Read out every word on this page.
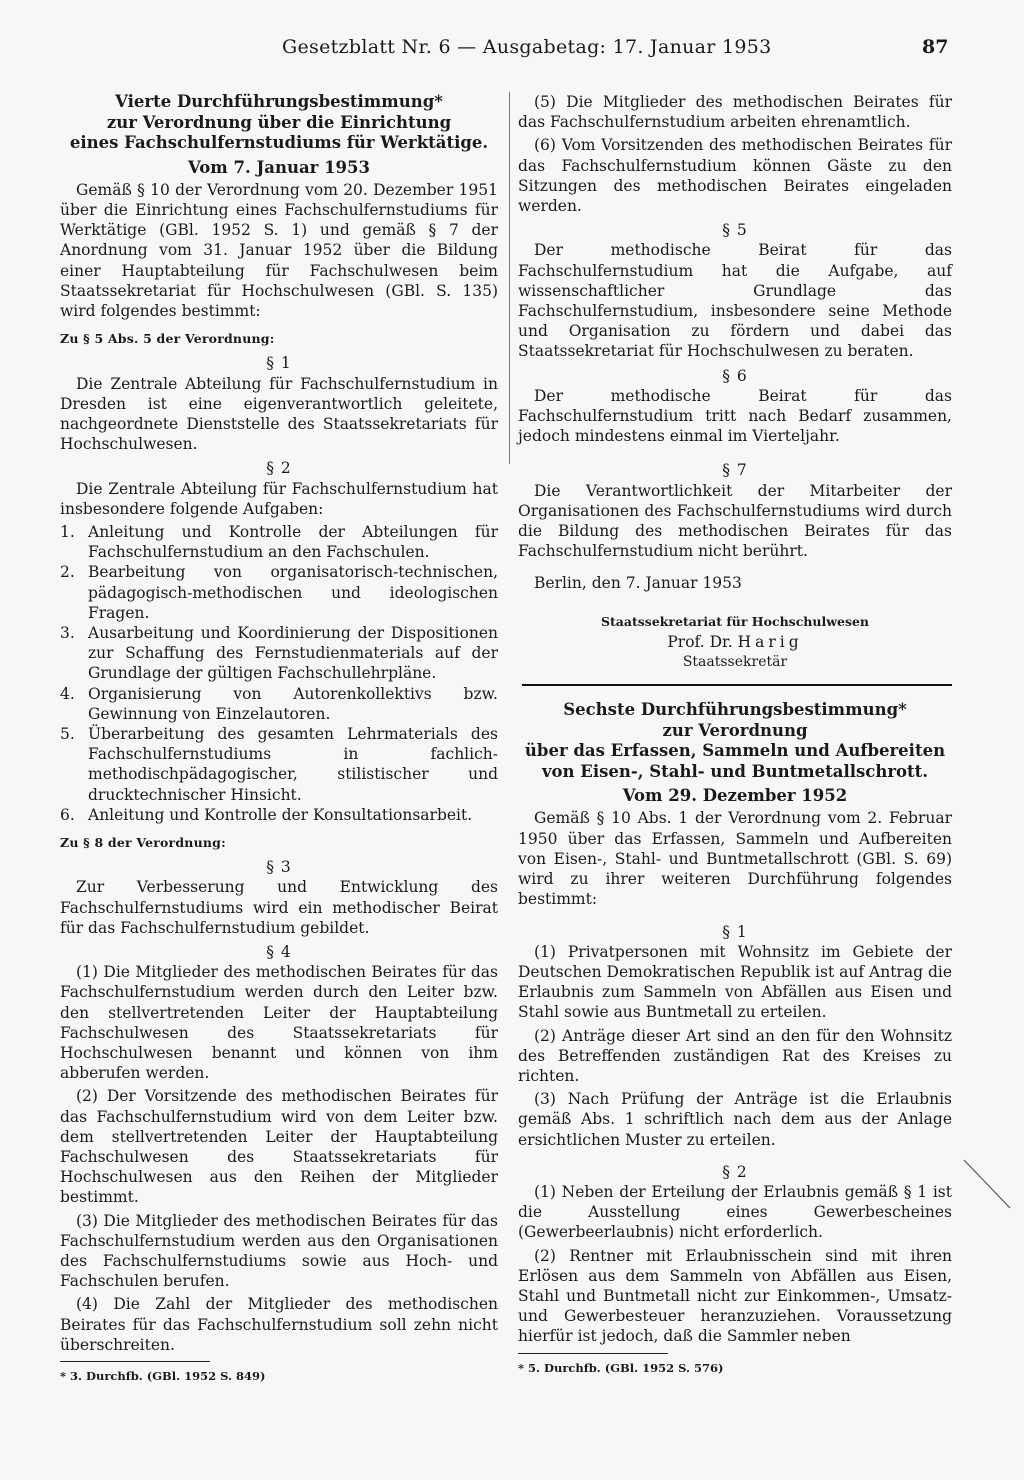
Gesetzblatt Nr. 6 — Ausgabetag: 17. Januar 1953	87
Vierte Durchführungsbestimmung*
zur Verordnung über die Einrichtung
eines Fachschulfernstudiums für Werktätige.
Vom 7. Januar 1953

Gemäß § 10 der Verordnung vom 20. Dezember 1951 über die Einrichtung eines Fachschulfernstudiums für Werktätige (GBl. 1952 S. 1) und gemäß § 7 der Anordnung vom 31. Januar 1952 über die Bildung einer Hauptabteilung für Fachschulwesen beim Staatssekretariat für Hochschulwesen (GBl. S. 135) wird folgendes bestimmt:

Zu § 5 Abs. 5 der Verordnung:
§ 1

Die Zentrale Abteilung für Fachschulfernstudium in Dresden ist eine eigenverantwortlich geleitete, nachgeordnete Dienststelle des Staatssekretariats für Hochschulwesen.

§ 2

Die Zentrale Abteilung für Fachschulfernstudium hat insbesondere folgende Aufgaben:

1. Anleitung und Kontrolle der Abteilungen für Fachschulfernstudium an den Fachschulen.
2. Bearbeitung von organisatorisch-technischen, pädagogisch-methodischen und ideologischen Fragen.
3. Ausarbeitung und Koordinierung der Dispositionen zur Schaffung des Fernstudienmaterials auf der Grundlage der gültigen Fachschullehrpläne.
4. Organisierung von Autorenkollektivs bzw. Gewinnung von Einzelautoren.
5. Überarbeitung des gesamten Lehrmaterials des Fachschulfernstudiums in fachlich-methodischpädagogischer, stilistischer und drucktechnischer Hinsicht.
6. Anleitung und Kontrolle der Konsultationsarbeit.
Zu § 8 der Verordnung:
§ 3

Zur Verbesserung und Entwicklung des Fachschulfernstudiums wird ein methodischer Beirat für das Fachschulfernstudium gebildet.

§ 4

(1) Die Mitglieder des methodischen Beirates für das Fachschulfernstudium werden durch den Leiter bzw. den stellvertretenden Leiter der Hauptabteilung Fachschulwesen des Staatssekretariats für Hochschulwesen benannt und können von ihm abberufen werden.

(2) Der Vorsitzende des methodischen Beirates für das Fachschulfernstudium wird von dem Leiter bzw. dem stellvertretenden Leiter der Hauptabteilung Fachschulwesen des Staatssekretariats für Hochschulwesen aus den Reihen der Mitglieder bestimmt.

(3) Die Mitglieder des methodischen Beirates für das Fachschulfernstudium werden aus den Organisationen des Fachschulfernstudiums sowie aus Hoch- und Fachschulen berufen.

(4) Die Zahl der Mitglieder des methodischen Beirates für das Fachschulfernstudium soll zehn nicht überschreiten.

* 3. Durchfb. (GBl. 1952 S. 849)

(5) Die Mitglieder des methodischen Beirates für das Fachschulfernstudium arbeiten ehrenamtlich.

(6) Vom Vorsitzenden des methodischen Beirates für das Fachschulfernstudium können Gäste zu den Sitzungen des methodischen Beirates eingeladen werden.

§ 5

Der methodische Beirat für das Fachschulfernstudium hat die Aufgabe, auf wissenschaftlicher Grundlage das Fachschulfernstudium, insbesondere seine Methode und Organisation zu fördern und dabei das Staatssekretariat für Hochschulwesen zu beraten.

§ 6

Der methodische Beirat für das Fachschulfernstudium tritt nach Bedarf zusammen, jedoch mindestens einmal im Vierteljahr.

§ 7

Die Verantwortlichkeit der Mitarbeiter der Organisationen des Fachschulfernstudiums wird durch die Bildung des methodischen Beirates für das Fachschulfernstudium nicht berührt.

Berlin, den 7. Januar 1953
Staatssekretariat für Hochschulwesen
Prof. Dr. Harig
Staatssekretär
Sechste Durchführungsbestimmung*
zur Verordnung
über das Erfassen, Sammeln und Aufbereiten
von Eisen-, Stahl- und Buntmetallschrott.
Vom 29. Dezember 1952

Gemäß § 10 Abs. 1 der Verordnung vom 2. Februar 1950 über das Erfassen, Sammeln und Aufbereiten von Eisen-, Stahl- und Buntmetallschrott (GBl. S. 69) wird zu ihrer weiteren Durchführung folgendes bestimmt:

§ 1

(1) Privatpersonen mit Wohnsitz im Gebiete der Deutschen Demokratischen Republik ist auf Antrag die Erlaubnis zum Sammeln von Abfällen aus Eisen und Stahl sowie aus Buntmetall zu erteilen.

(2) Anträge dieser Art sind an den für den Wohnsitz des Betreffenden zuständigen Rat des Kreises zu richten.

(3) Nach Prüfung der Anträge ist die Erlaubnis gemäß Abs. 1 schriftlich nach dem aus der Anlage ersichtlichen Muster zu erteilen.

§ 2

(1) Neben der Erteilung der Erlaubnis gemäß § 1 ist die Ausstellung eines Gewerbescheines (Gewerbeerlaubnis) nicht erforderlich.

(2) Rentner mit Erlaubnisschein sind mit ihren Erlösen aus dem Sammeln von Abfällen aus Eisen, Stahl und Buntmetall nicht zur Einkommen-, Umsatz- und Gewerbesteuer heranzuziehen. Voraussetzung hierfür ist jedoch, daß die Sammler neben

* 5. Durchfb. (GBl. 1952 S. 576)
